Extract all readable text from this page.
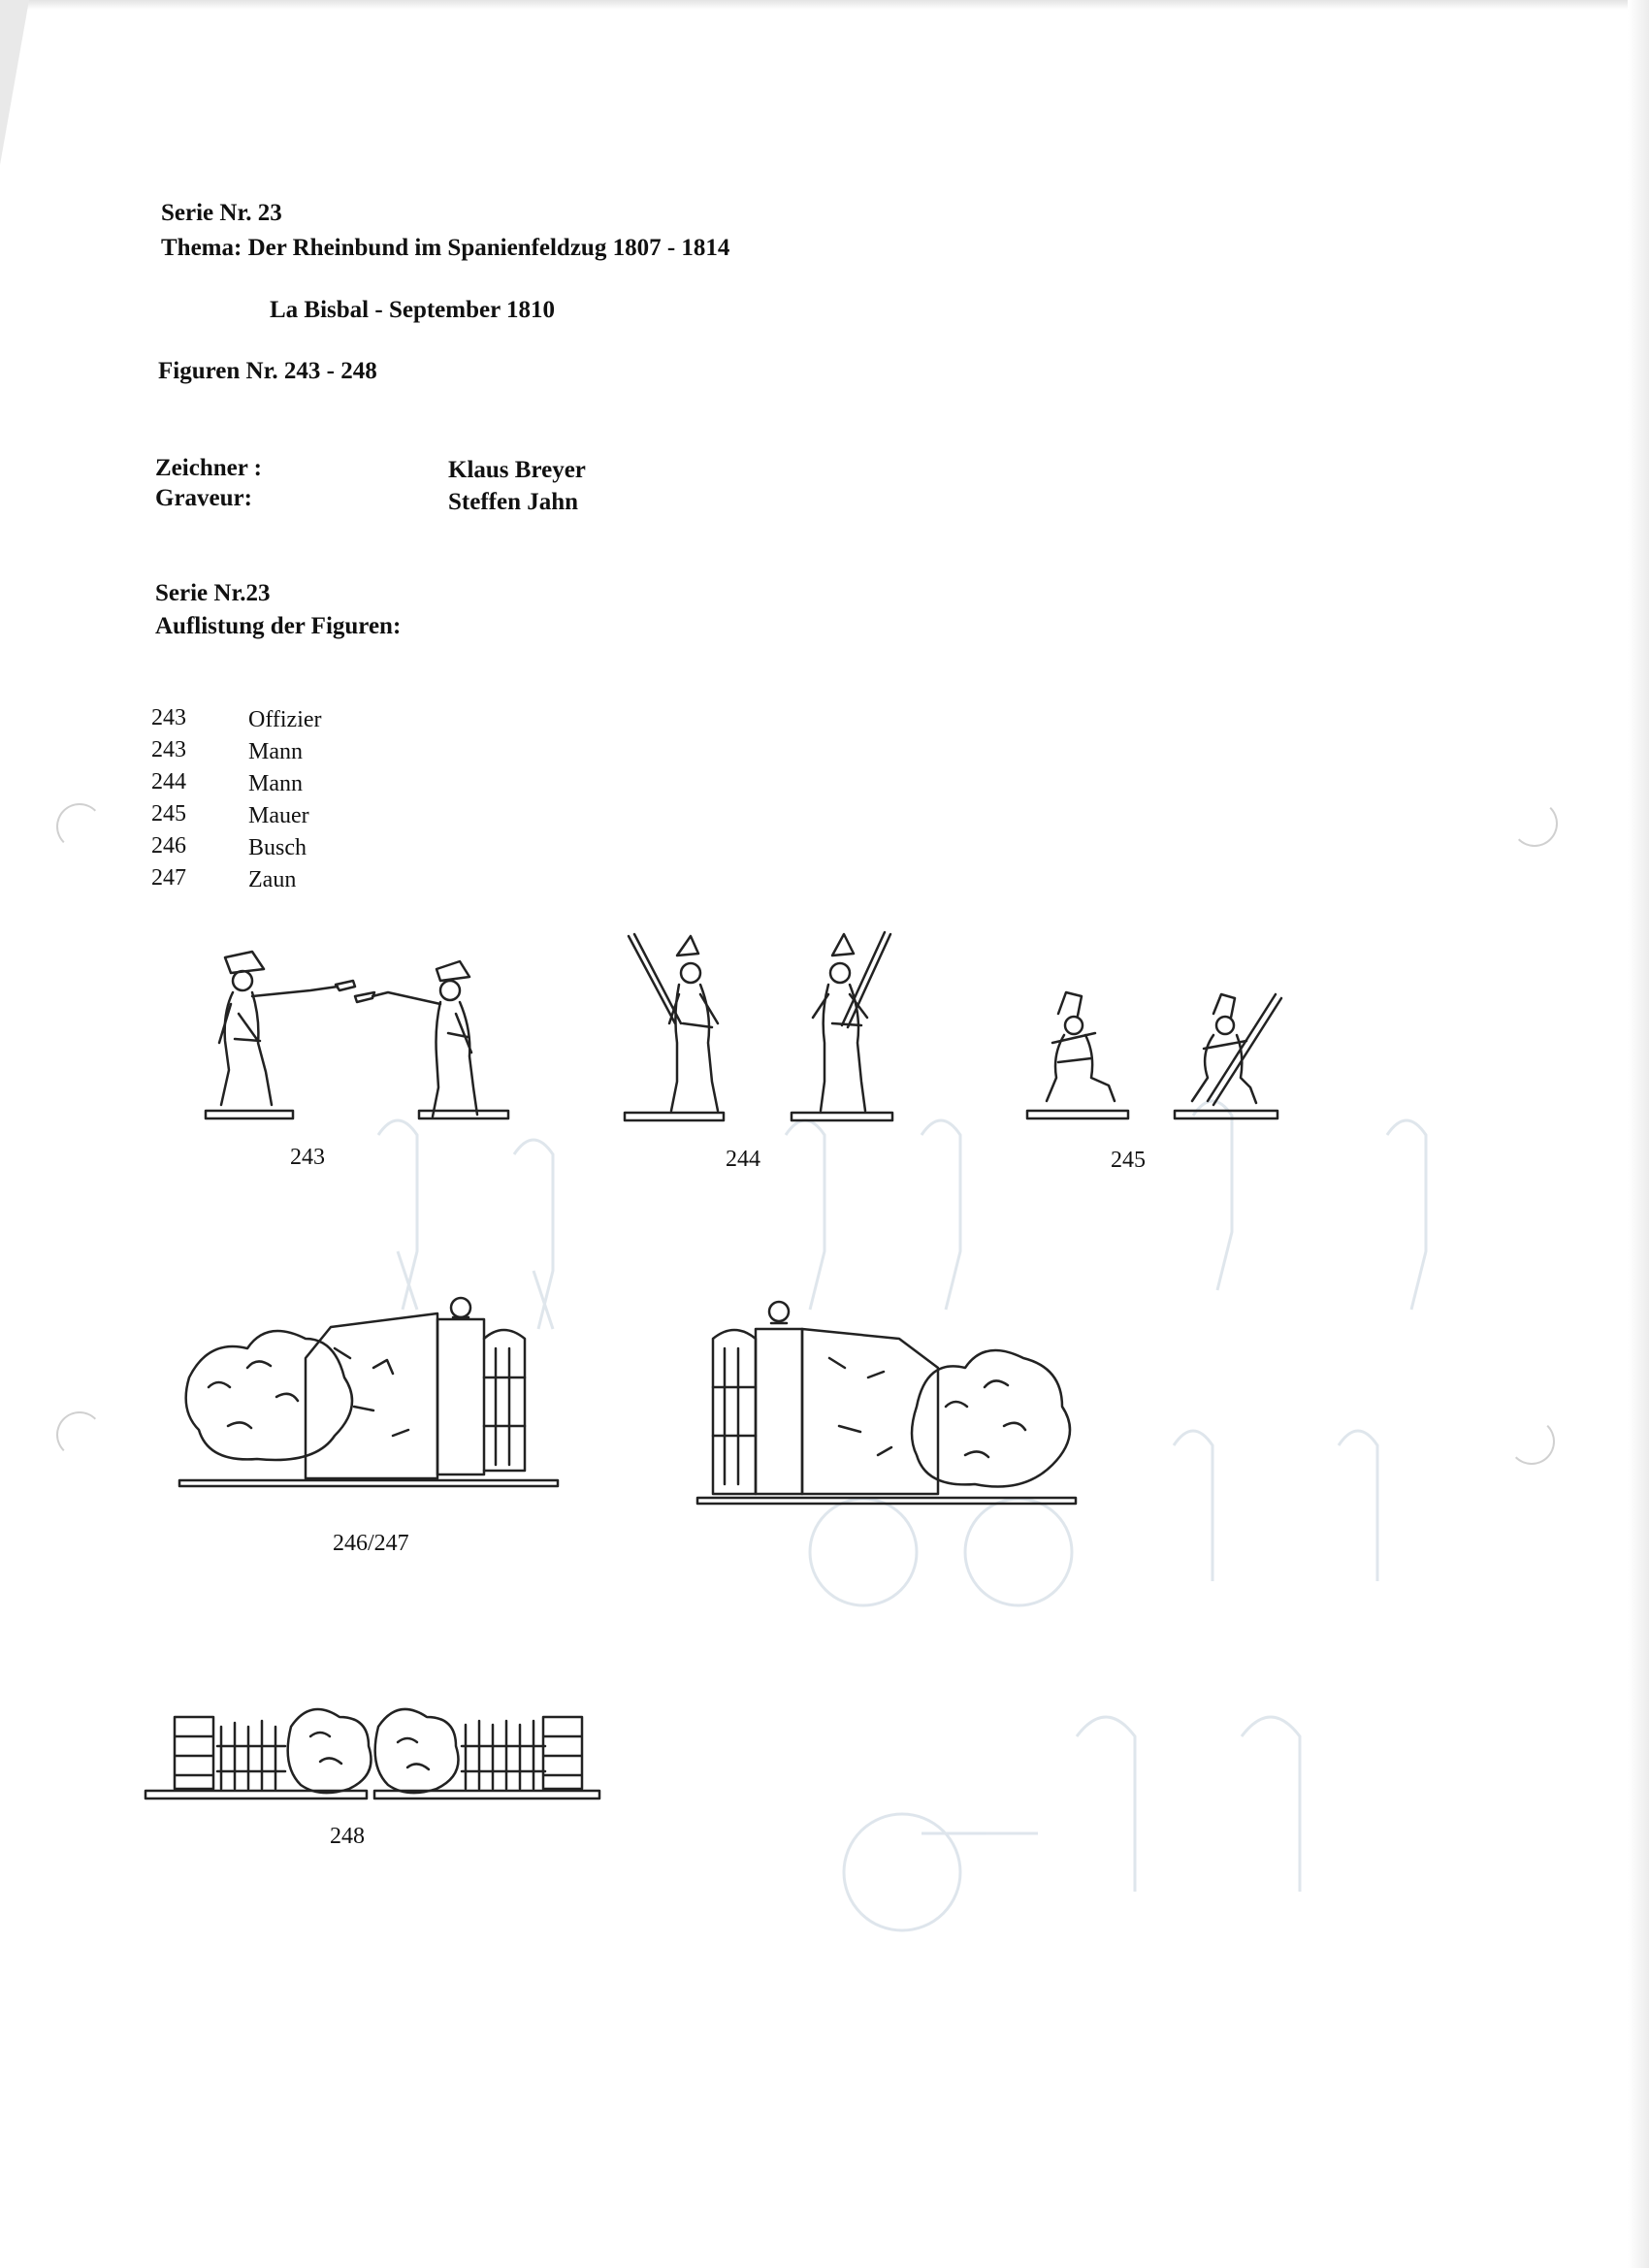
Serie Nr. 23
Thema: Der Rheinbund im Spanienfeldzug 1807 - 1814
La Bisbal - September 1810
Figuren Nr. 243 - 248
Zeichner :	Klaus Breyer
Graveur:	Steffen Jahn
Serie Nr.23
Auflistung der Figuren:
243	Offizier
243	Mann
244	Mann
245	Mauer
246	Busch
247	Zaun
243	244	245
246/247
248
